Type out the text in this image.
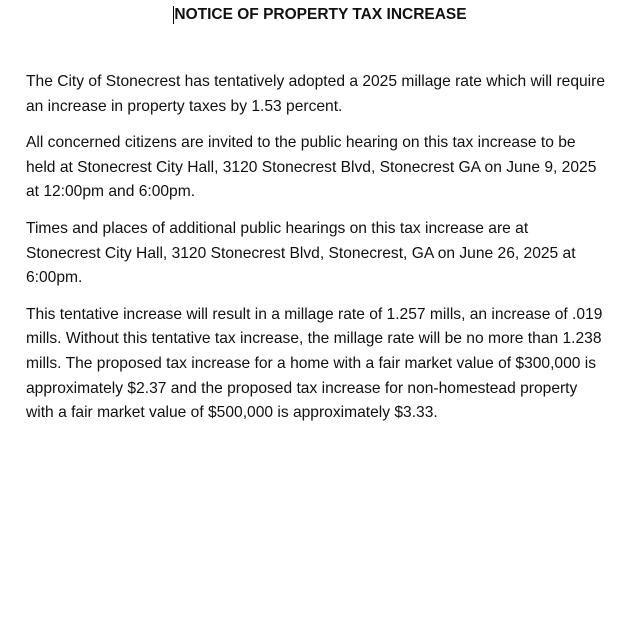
NOTICE OF PROPERTY TAX INCREASE

The City of Stonecrest has tentatively adopted a 2025 millage rate which will require an increase in property taxes by 1.53 percent.

All concerned citizens are invited to the public hearing on this tax increase to be held at Stonecrest City Hall, 3120 Stonecrest Blvd, Stonecrest GA on June 9, 2025 at 12:00pm and 6:00pm.

Times and places of additional public hearings on this tax increase are at Stonecrest City Hall, 3120 Stonecrest Blvd, Stonecrest, GA on June 26, 2025 at 6:00pm.

This tentative increase will result in a millage rate of 1.257 mills, an increase of .019 mills. Without this tentative tax increase, the millage rate will be no more than 1.238 mills. The proposed tax increase for a home with a fair market value of $300,000 is approximately $2.37 and the proposed tax increase for non-homestead property with a fair market value of $500,000 is approximately $3.33.
